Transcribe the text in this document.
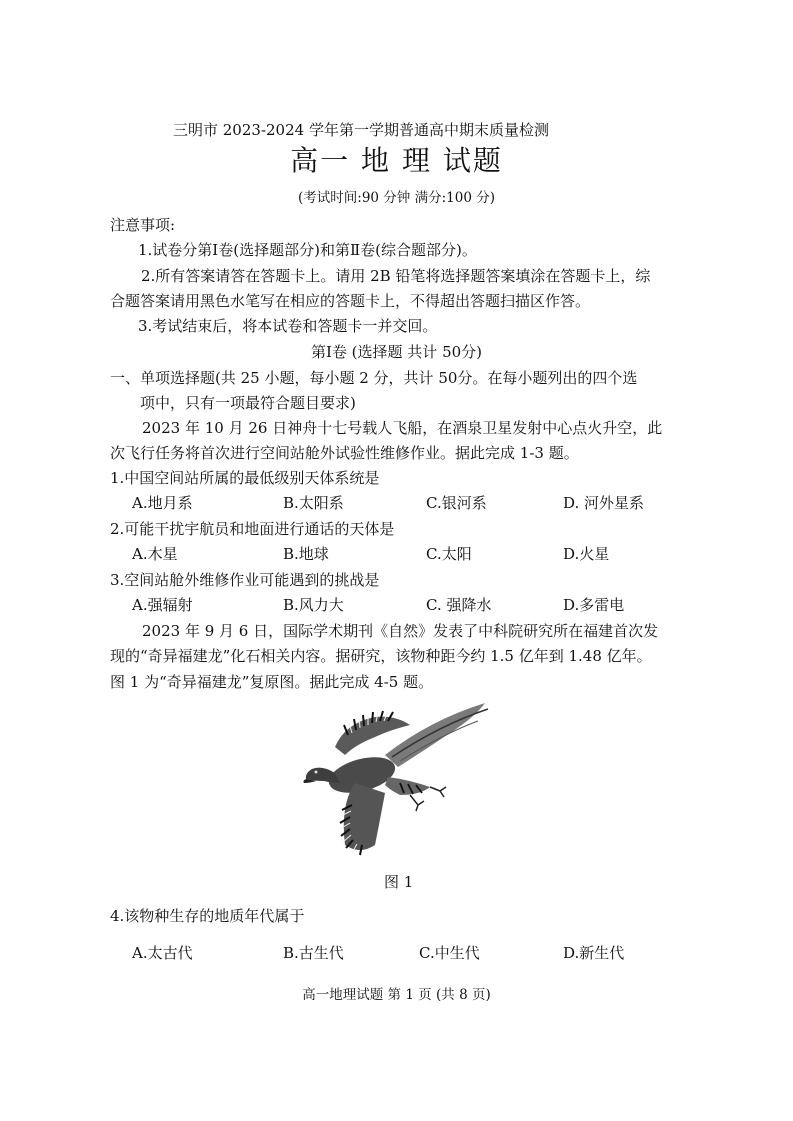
三明市 2023-2024 学年第一学期普通高中期末质量检测
高一 地 理 试题
(考试时间:90 分钟 满分:100 分)
注意事项:
1.试卷分第Ⅰ卷(选择题部分)和第Ⅱ卷(综合题部分)。
2.所有答案请答在答题卡上。请用 2B 铅笔将选择题答案填涂在答题卡上，综
合题答案请用黑色水笔写在相应的答题卡上，不得超出答题扫描区作答。
3.考试结束后，将本试卷和答题卡一并交回。
第Ⅰ卷 (选择题 共计 50分)
一、单项选择题(共 25 小题，每小题 2 分，共计 50分。在每小题列出的四个选
项中，只有一项最符合题目要求)
2023 年 10 月 26 日神舟十七号载人飞船，在酒泉卫星发射中心点火升空，此
次飞行任务将首次进行空间站舱外试验性维修作业。据此完成 1-3 题。
1.中国空间站所属的最低级别天体系统是
A.地月系	B.太阳系	C.银河系	D. 河外星系
2.可能干扰宇航员和地面进行通话的天体是
A.木星	B.地球	C.太阳	D.火星
3.空间站舱外维修作业可能遇到的挑战是
A.强辐射	B.风力大	C. 强降水	D.多雷电
2023 年 9 月 6 日，国际学术期刊《自然》发表了中科院研究所在福建首次发
现的“奇异福建龙”化石相关内容。据研究，该物种距今约 1.5 亿年到 1.48 亿年。
图 1 为“奇异福建龙”复原图。据此完成 4-5 题。
图 1
4.该物种生存的地质年代属于
A.太古代	B.古生代	C.中生代	D.新生代
高一地理试题 第 1 页 (共 8 页)
